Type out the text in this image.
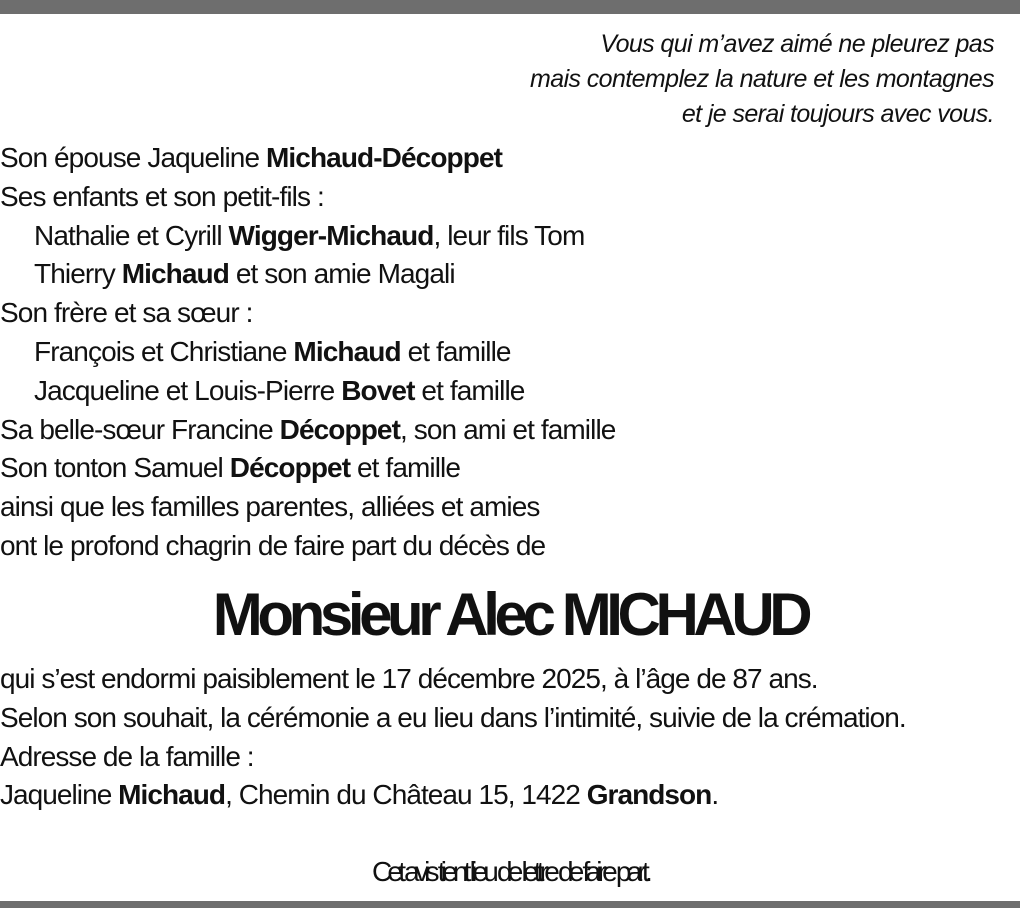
Vous qui m’avez aimé ne pleurez pas
mais contemplez la nature et les montagnes
et je serai toujours avec vous.
Son épouse Jaqueline Michaud-Décoppet
Ses enfants et son petit-fils :
Nathalie et Cyrill Wigger-Michaud, leur fils Tom
Thierry Michaud et son amie Magali
Son frère et sa sœur :
François et Christiane Michaud et famille
Jacqueline et Louis-Pierre Bovet et famille
Sa belle-sœur Francine Décoppet, son ami et famille
Son tonton Samuel Décoppet et famille
ainsi que les familles parentes, alliées et amies
ont le profond chagrin de faire part du décès de
Monsieur Alec MICHAUD
qui s’est endormi paisiblement le 17 décembre 2025, à l’âge de 87 ans.
Selon son souhait, la cérémonie a eu lieu dans l’intimité, suivie de la crémation.
Adresse de la famille :
Jaqueline Michaud, Chemin du Château 15, 1422 Grandson.
Cet avis tient lieu de lettre de faire part.
